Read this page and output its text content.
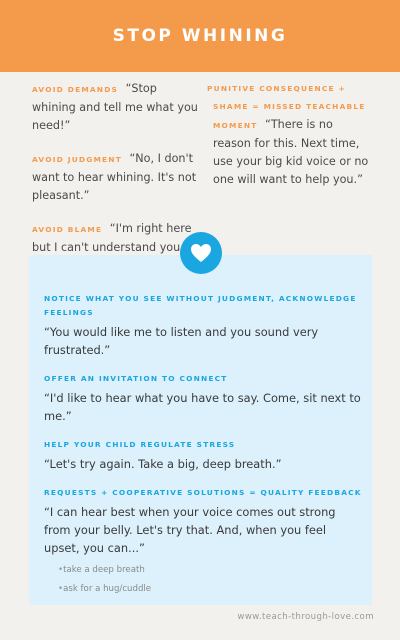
STOP WHINING
AVOID DEMANDS “Stop whining and tell me what you need!”
AVOID JUDGMENT “No, I don't want to hear whining. It's not pleasant.”
AVOID BLAME “I'm right here but I can't understand you
PUNITIVE CONSEQUENCE +
SHAME = MISSED TEACHABLE
MOMENT “There is no reason for this. Next time, use your big kid voice or no one will want to help you.”
NOTICE WHAT YOU SEE WITHOUT JUDGMENT, ACKNOWLEDGE FEELINGS
“You would like me to listen and you sound very frustrated.”
OFFER AN INVITATION TO CONNECT
“I'd like to hear what you have to say. Come, sit next to me.”
HELP YOUR CHILD REGULATE STRESS
“Let's try again. Take a big, deep breath.”
REQUESTS + COOPERATIVE SOLUTIONS = QUALITY FEEDBACK
“I can hear best when your voice comes out strong from your belly. Let's try that. And, when you feel upset, you can...”
• take a deep breath
• ask for a hug/cuddle
www.teach-through-love.com
